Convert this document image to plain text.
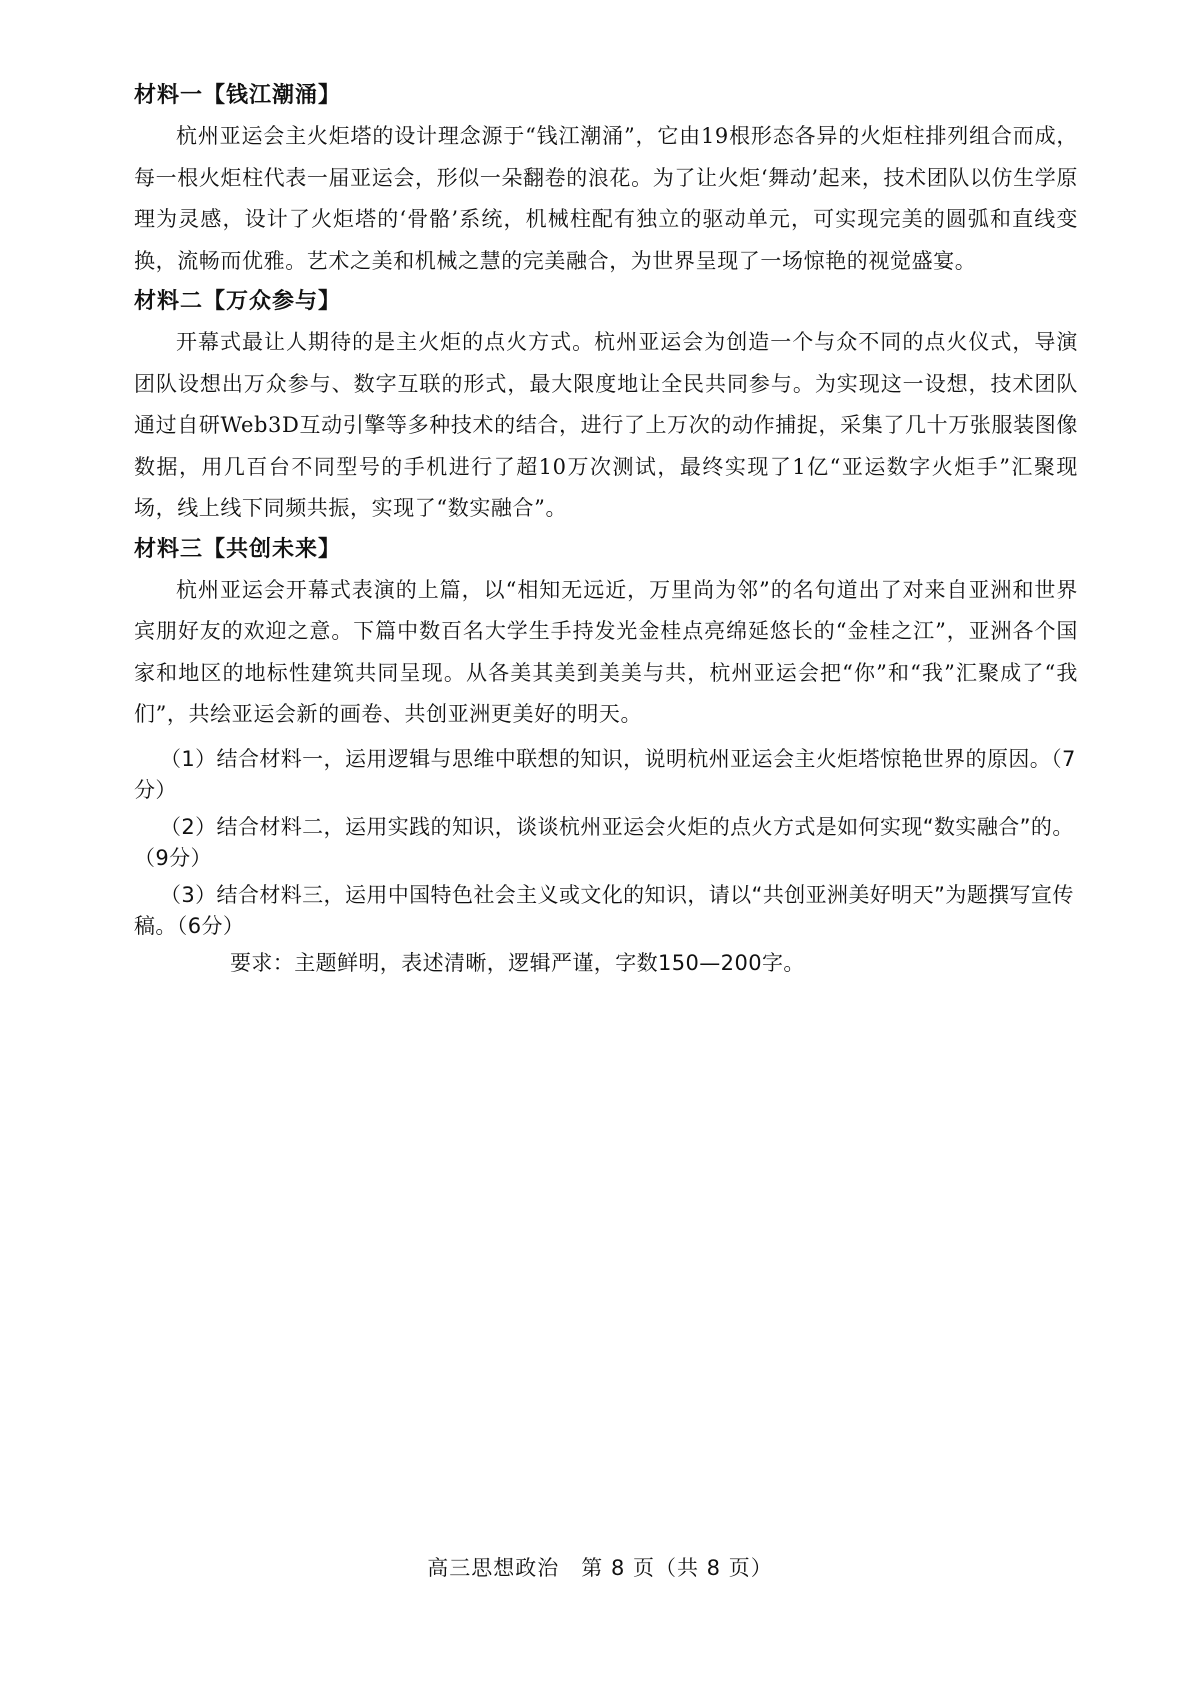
材料一【钱江潮涌】

杭州亚运会主火炬塔的设计理念源于“钱江潮涌”，它由19根形态各异的火炬柱排列组合而成，每一根火炬柱代表一届亚运会，形似一朵翻卷的浪花。为了让火炬‘舞动’起来，技术团队以仿生学原理为灵感，设计了火炬塔的‘骨骼’系统，机械柱配有独立的驱动单元，可实现完美的圆弧和直线变换，流畅而优雅。艺术之美和机械之慧的完美融合，为世界呈现了一场惊艳的视觉盛宴。

材料二【万众参与】

开幕式最让人期待的是主火炬的点火方式。杭州亚运会为创造一个与众不同的点火仪式，导演团队设想出万众参与、数字互联的形式，最大限度地让全民共同参与。为实现这一设想，技术团队通过自研Web3D互动引擎等多种技术的结合，进行了上万次的动作捕捉，采集了几十万张服装图像数据，用几百台不同型号的手机进行了超10万次测试，最终实现了1亿“亚运数字火炬手”汇聚现场，线上线下同频共振，实现了“数实融合”。

材料三【共创未来】

杭州亚运会开幕式表演的上篇，以“相知无远近，万里尚为邻”的名句道出了对来自亚洲和世界宾朋好友的欢迎之意。下篇中数百名大学生手持发光金桂点亮绵延悠长的“金桂之江”，亚洲各个国家和地区的地标性建筑共同呈现。从各美其美到美美与共，杭州亚运会把“你”和“我”汇聚成了“我们”，共绘亚运会新的画卷、共创亚洲更美好的明天。

（1）结合材料一，运用逻辑与思维中联想的知识，说明杭州亚运会主火炬塔惊艳世界的原因。（7分）

（2）结合材料二，运用实践的知识，谈谈杭州亚运会火炬的点火方式是如何实现“数实融合”的。（9分）

（3）结合材料三，运用中国特色社会主义或文化的知识，请以“共创亚洲美好明天”为题撰写宣传稿。（6分）

要求：主题鲜明，表述清晰，逻辑严谨，字数150—200字。

高三思想政治　第 8 页（共 8 页）
